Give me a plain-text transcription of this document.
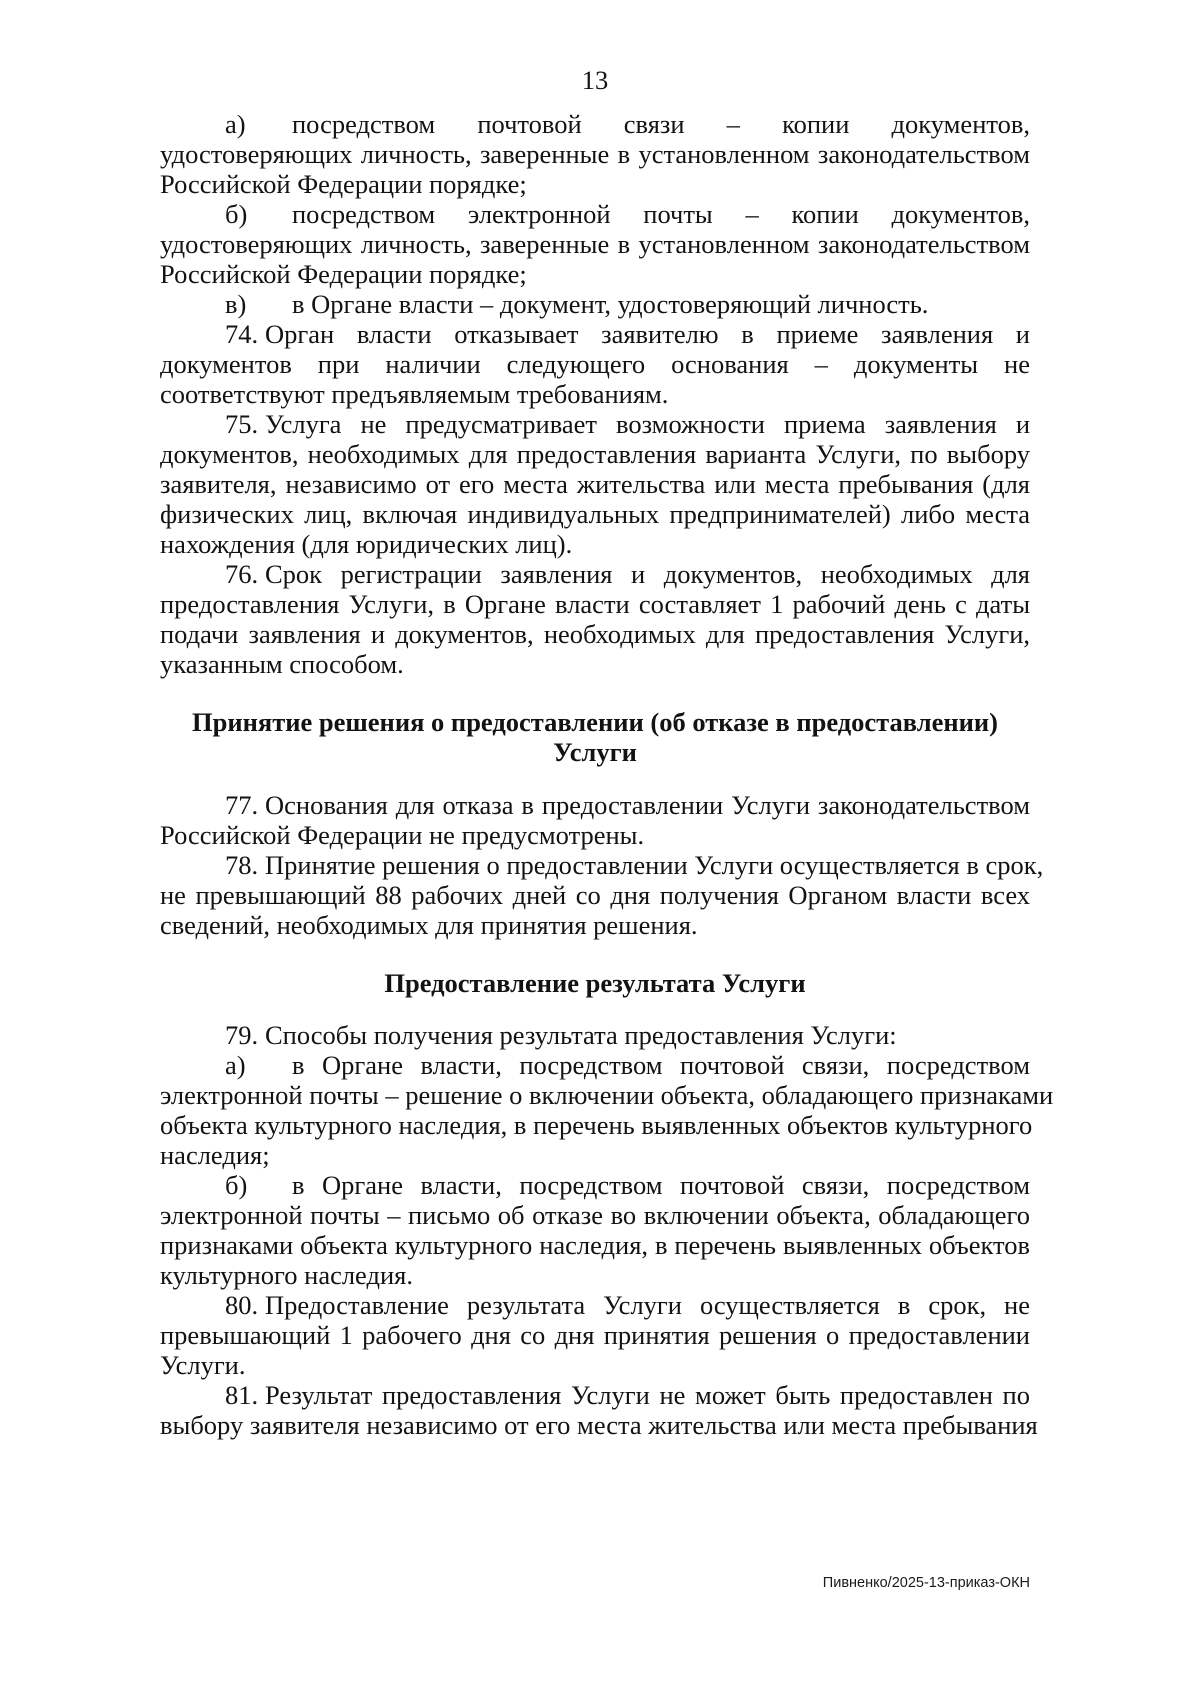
13
а) посредством почтовой связи – копии документов,
удостоверяющих личность, заверенные в установленном законодательством
Российской Федерации порядке;
б) посредством электронной почты – копии документов,
удостоверяющих личность, заверенные в установленном законодательством
Российской Федерации порядке;
в) в Органе власти – документ, удостоверяющий личность.
74. Орган власти отказывает заявителю в приеме заявления и
документов при наличии следующего основания – документы не
соответствуют предъявляемым требованиям.
75. Услуга не предусматривает возможности приема заявления и
документов, необходимых для предоставления варианта Услуги, по выбору
заявителя, независимо от его места жительства или места пребывания (для
физических лиц, включая индивидуальных предпринимателей) либо места
нахождения (для юридических лиц).
76. Срок регистрации заявления и документов, необходимых для
предоставления Услуги, в Органе власти составляет 1 рабочий день с даты
подачи заявления и документов, необходимых для предоставления Услуги,
указанным способом.
Принятие решения о предоставлении (об отказе в предоставлении)
Услуги
77. Основания для отказа в предоставлении Услуги законодательством
Российской Федерации не предусмотрены.
78. Принятие решения о предоставлении Услуги осуществляется в срок,
не превышающий 88 рабочих дней со дня получения Органом власти всех
сведений, необходимых для принятия решения.
Предоставление результата Услуги
79. Способы получения результата предоставления Услуги:
а) в Органе власти, посредством почтовой связи, посредством
электронной почты – решение о включении объекта, обладающего признаками
объекта культурного наследия, в перечень выявленных объектов культурного
наследия;
б) в Органе власти, посредством почтовой связи, посредством
электронной почты – письмо об отказе во включении объекта, обладающего
признаками объекта культурного наследия, в перечень выявленных объектов
культурного наследия.
80. Предоставление результата Услуги осуществляется в срок, не
превышающий 1 рабочего дня со дня принятия решения о предоставлении
Услуги.
81. Результат предоставления Услуги не может быть предоставлен по
выбору заявителя независимо от его места жительства или места пребывания
Пивненко/2025-13-приказ-ОКН
